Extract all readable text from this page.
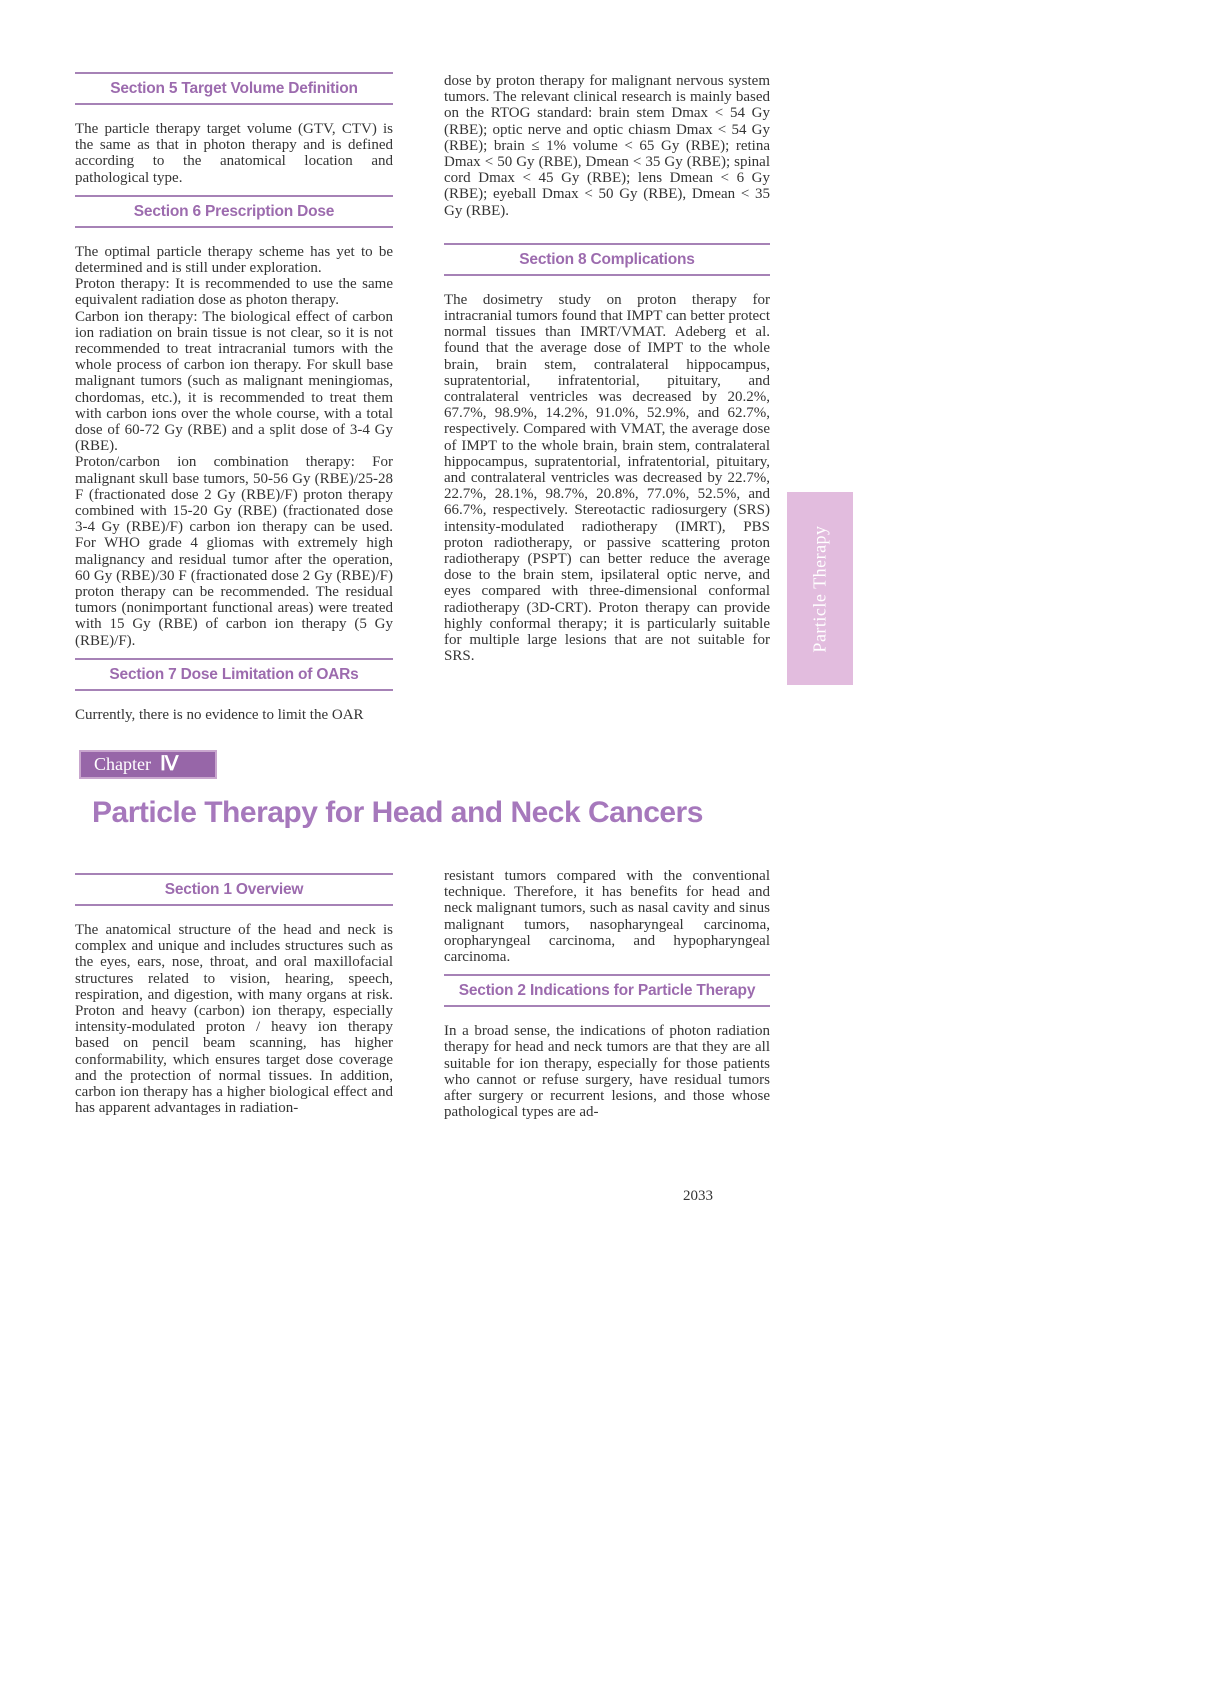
Section 5 Target Volume Definition

The particle therapy target volume (GTV, CTV) is the same as that in photon therapy and is defined according to the anatomical location and pathological type.

Section 6 Prescription Dose

The optimal particle therapy scheme has yet to be determined and is still under exploration.

Proton therapy: It is recommended to use the same equivalent radiation dose as photon therapy.

Carbon ion therapy: The biological effect of carbon ion radiation on brain tissue is not clear, so it is not recommended to treat intracranial tumors with the whole process of carbon ion therapy. For skull base malignant tumors (such as malignant meningiomas, chordomas, etc.), it is recommended to treat them with carbon ions over the whole course, with a total dose of 60-72 Gy (RBE) and a split dose of 3-4 Gy (RBE).

Proton/carbon ion combination therapy: For malignant skull base tumors, 50-56 Gy (RBE)/25-28 F (fractionated dose 2 Gy (RBE)/F) proton therapy combined with 15-20 Gy (RBE) (fractionated dose 3-4 Gy (RBE)/F) carbon ion therapy can be used. For WHO grade 4 gliomas with extremely high malignancy and residual tumor after the operation, 60 Gy (RBE)/30 F (fractionated dose 2 Gy (RBE)/F) proton therapy can be recommended. The residual tumors (nonimportant functional areas) were treated with 15 Gy (RBE) of carbon ion therapy (5 Gy (RBE)/F).

Section 7 Dose Limitation of OARs

Currently, there is no evidence to limit the OAR

dose by proton therapy for malignant nervous system tumors. The relevant clinical research is mainly based on the RTOG standard: brain stem Dmax < 54 Gy (RBE); optic nerve and optic chiasm Dmax < 54 Gy (RBE); brain ≤ 1% volume < 65 Gy (RBE); retina Dmax < 50 Gy (RBE), Dmean < 35 Gy (RBE); spinal cord Dmax < 45 Gy (RBE); lens Dmean < 6 Gy (RBE); eyeball Dmax < 50 Gy (RBE), Dmean < 35 Gy (RBE).

Section 8 Complications

The dosimetry study on proton therapy for intracranial tumors found that IMPT can better protect normal tissues than IMRT/VMAT. Adeberg et al. found that the average dose of IMPT to the whole brain, brain stem, contralateral hippocampus, supratentorial, infratentorial, pituitary, and contralateral ventricles was decreased by 20.2%, 67.7%, 98.9%, 14.2%, 91.0%, 52.9%, and 62.7%, respectively. Compared with VMAT, the average dose of IMPT to the whole brain, brain stem, contralateral hippocampus, supratentorial, infratentorial, pituitary, and contralateral ventricles was decreased by 22.7%, 22.7%, 28.1%, 98.7%, 20.8%, 77.0%, 52.5%, and 66.7%, respectively. Stereotactic radiosurgery (SRS) intensity-modulated radiotherapy (IMRT), PBS proton radiotherapy, or passive scattering proton radiotherapy (PSPT) can better reduce the average dose to the brain stem, ipsilateral optic nerve, and eyes compared with three-dimensional conformal radiotherapy (3D-CRT). Proton therapy can provide highly conformal therapy; it is particularly suitable for multiple large lesions that are not suitable for SRS.

Particle Therapy
Chapter Ⅳ
Particle Therapy for Head and Neck Cancers
Section 1 Overview

The anatomical structure of the head and neck is complex and unique and includes structures such as the eyes, ears, nose, throat, and oral maxillofacial structures related to vision, hearing, speech, respiration, and digestion, with many organs at risk. Proton and heavy (carbon) ion therapy, especially intensity-modulated proton / heavy ion therapy based on pencil beam scanning, has higher conformability, which ensures target dose coverage and the protection of normal tissues. In addition, carbon ion therapy has a higher biological effect and has apparent advantages in radiation-

resistant tumors compared with the conventional technique. Therefore, it has benefits for head and neck malignant tumors, such as nasal cavity and sinus malignant tumors, nasopharyngeal carcinoma, oropharyngeal carcinoma, and hypopharyngeal carcinoma.

Section 2 Indications for Particle Therapy

In a broad sense, the indications of photon radiation therapy for head and neck tumors are that they are all suitable for ion therapy, especially for those patients who cannot or refuse surgery, have residual tumors after surgery or recurrent lesions, and those whose pathological types are ad-

2033
